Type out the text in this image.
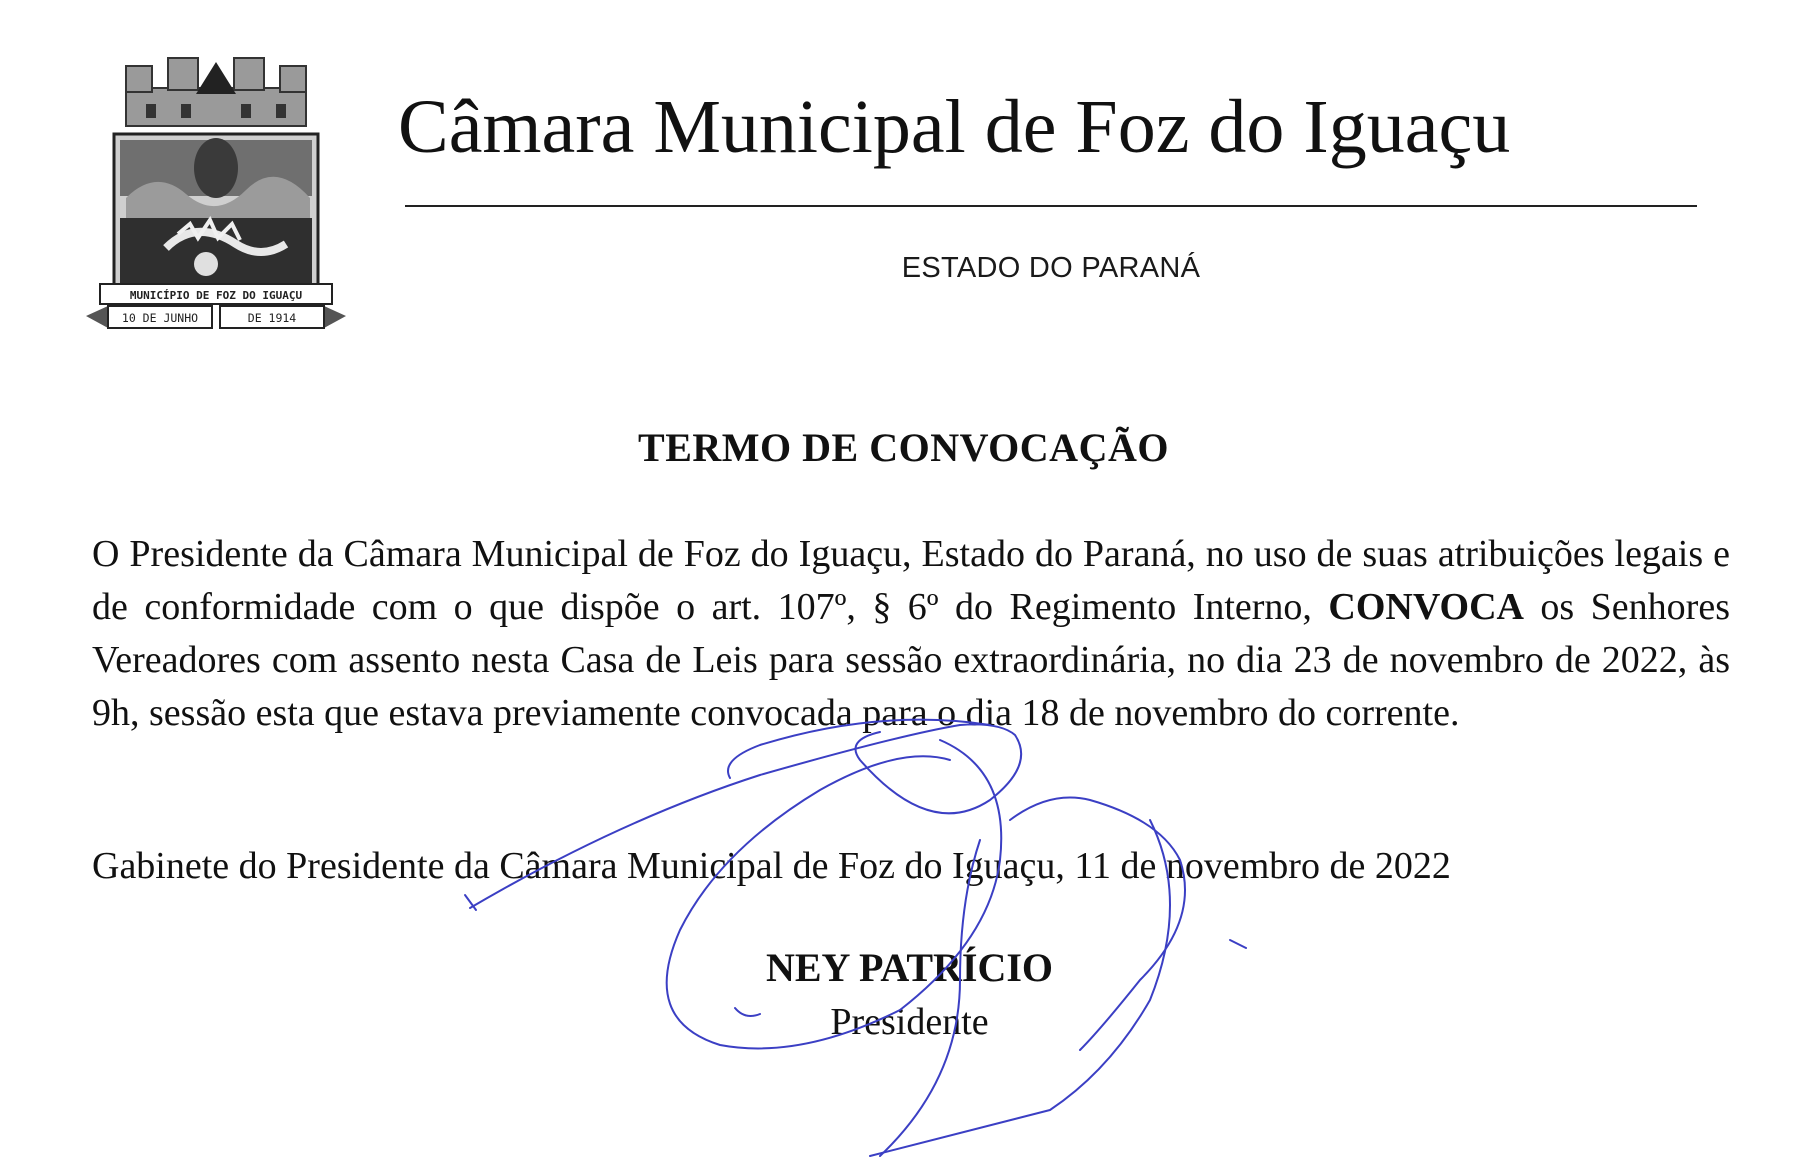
MUNICÍPIO DE FOZ DO IGUAÇU
10 DE JUNHO	DE 1914
Câmara Municipal de Foz do Iguaçu
ESTADO DO PARANÁ
TERMO DE CONVOCAÇÃO

O Presidente da Câmara Municipal de Foz do Iguaçu, Estado do Paraná, no uso de suas atribuições legais e de conformidade com o que dispõe o art. 107º, § 6º do Regimento Interno, CONVOCA os Senhores Vereadores com assento nesta Casa de Leis para sessão extraordinária, no dia 23 de novembro de 2022, às 9h, sessão esta que estava previamente convocada para o dia 18 de novembro do corrente.

Gabinete do Presidente da Câmara Municipal de Foz do Iguaçu, 11 de novembro de 2022
NEY PATRÍCIO
Presidente
